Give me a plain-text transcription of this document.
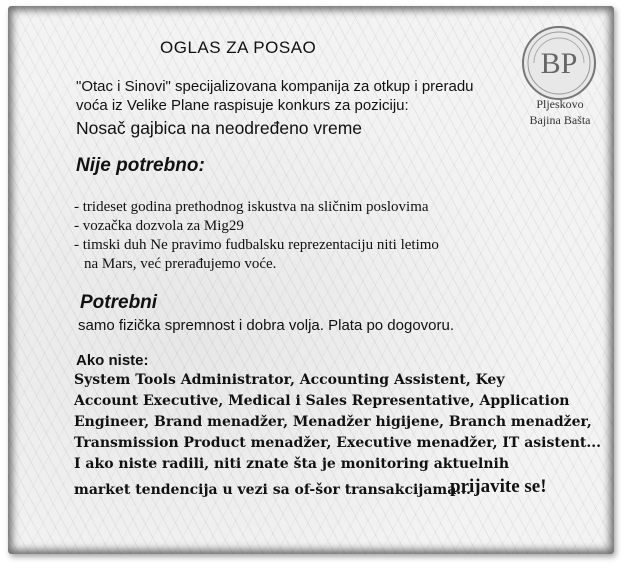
OGLAS ZA POSAO
"Otac i Sinovi" specijalizovana kompanija za otkup i preradu
voća iz Velike Plane raspisuje konkurs za poziciju:
Nosač gajbica na neodređeno vreme
Nije potrebno:
- trideset godina prethodnog iskustva na sličnim poslovima
- vozačka dozvola za Mig29
- timski duh Ne pravimo fudbalsku reprezentaciju niti letimo
na Mars, već prerađujemo voće.
Potrebni
samo fizička spremnost i dobra volja. Plata po dogovoru.
Ako niste:
System Tools Administrator, Accounting Assistent, Key
Account Executive, Medical i Sales Representative, Application
Engineer, Brand menadžer, Menadžer higijene, Branch menadžer,
Transmission Product menadžer, Executive menadžer, IT asistent...
I ako niste radili, niti znate šta je monitoring aktuelnih
market tendencija u vezi sa of-šor transakcijama...
prijavite se!
BP
Pljeskovo
Bajina Bašta
